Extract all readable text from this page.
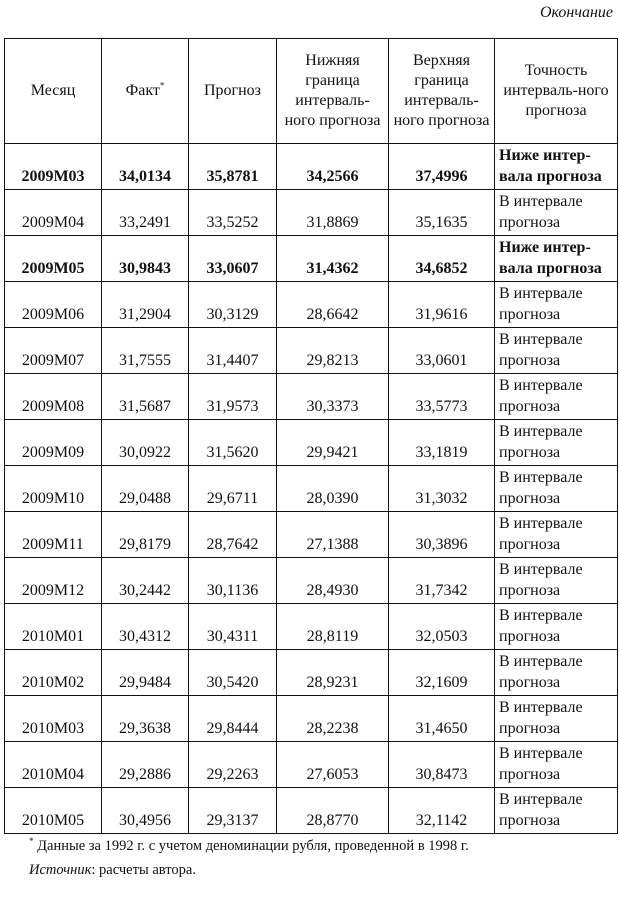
Окончание
Месяц	Факт*	Прогноз	Нижняя граница интерваль-ного прогноза	Верхняя граница интерваль-ного прогноза	Точность интерваль-ного прогноза
2009M03	34,0134	35,8781	34,2566	37,4996	Ниже интер-вала прогноза
2009M04	33,2491	33,5252	31,8869	35,1635	В интервале прогноза
2009M05	30,9843	33,0607	31,4362	34,6852	Ниже интер-вала прогноза
2009M06	31,2904	30,3129	28,6642	31,9616	В интервале прогноза
2009M07	31,7555	31,4407	29,8213	33,0601	В интервале прогноза
2009M08	31,5687	31,9573	30,3373	33,5773	В интервале прогноза
2009M09	30,0922	31,5620	29,9421	33,1819	В интервале прогноза
2009M10	29,0488	29,6711	28,0390	31,3032	В интервале прогноза
2009M11	29,8179	28,7642	27,1388	30,3896	В интервале прогноза
2009M12	30,2442	30,1136	28,4930	31,7342	В интервале прогноза
2010M01	30,4312	30,4311	28,8119	32,0503	В интервале прогноза
2010M02	29,9484	30,5420	28,9231	32,1609	В интервале прогноза
2010M03	29,3638	29,8444	28,2238	31,4650	В интервале прогноза
2010M04	29,2886	29,2263	27,6053	30,8473	В интервале прогноза
2010M05	30,4956	29,3137	28,8770	32,1142	В интервале прогноза
* Данные за 1992 г. с учетом деноминации рубля, проведенной в 1998 г.
Источник: расчеты автора.
